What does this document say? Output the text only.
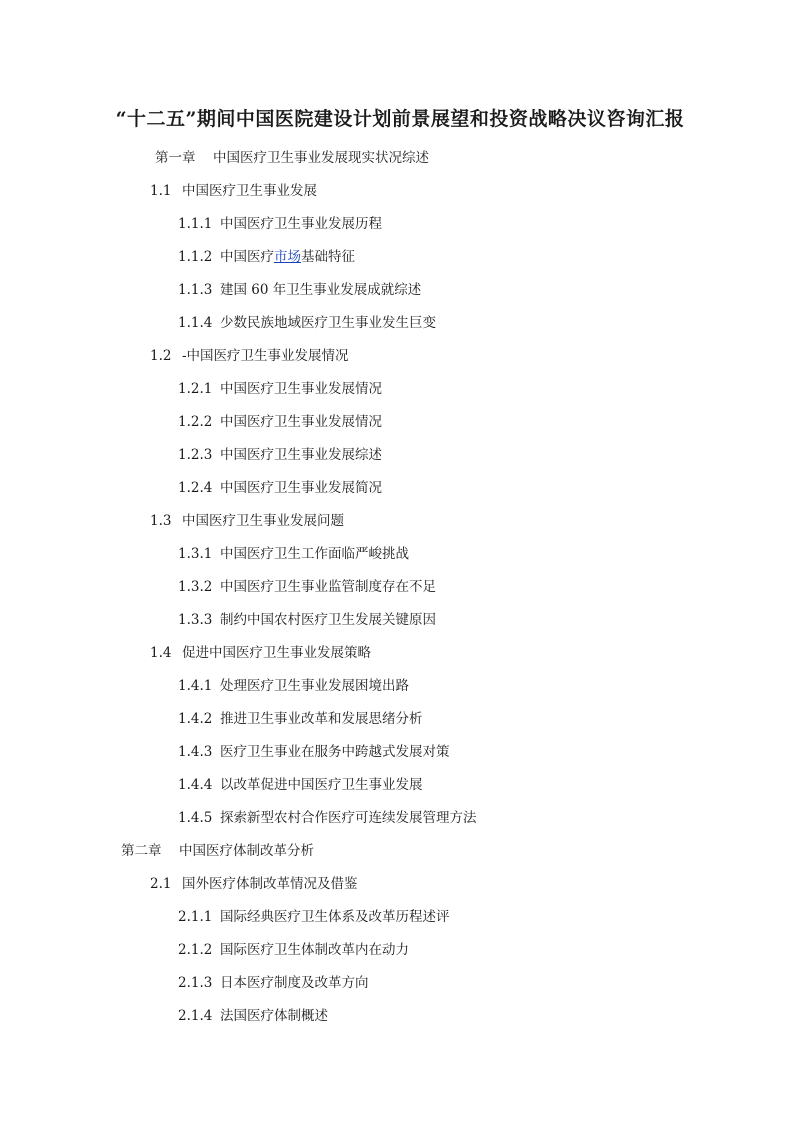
“十二五”期间中国医院建设计划前景展望和投资战略决议咨询汇报
第一章 中国医疗卫生事业发展现实状况综述
1.1 中国医疗卫生事业发展
1.1.1 中国医疗卫生事业发展历程
1.1.2 中国医疗市场基础特征
1.1.3 建国 60 年卫生事业发展成就综述
1.1.4 少数民族地域医疗卫生事业发生巨变
1.2 -中国医疗卫生事业发展情况
1.2.1 中国医疗卫生事业发展情况
1.2.2 中国医疗卫生事业发展情况
1.2.3 中国医疗卫生事业发展综述
1.2.4 中国医疗卫生事业发展简况
1.3 中国医疗卫生事业发展问题
1.3.1 中国医疗卫生工作面临严峻挑战
1.3.2 中国医疗卫生事业监管制度存在不足
1.3.3 制约中国农村医疗卫生发展关键原因
1.4 促进中国医疗卫生事业发展策略
1.4.1 处理医疗卫生事业发展困境出路
1.4.2 推进卫生事业改革和发展思绪分析
1.4.3 医疗卫生事业在服务中跨越式发展对策
1.4.4 以改革促进中国医疗卫生事业发展
1.4.5 探索新型农村合作医疗可连续发展管理方法
第二章 中国医疗体制改革分析
2.1 国外医疗体制改革情况及借鉴
2.1.1 国际经典医疗卫生体系及改革历程述评
2.1.2 国际医疗卫生体制改革内在动力
2.1.3 日本医疗制度及改革方向
2.1.4 法国医疗体制概述
